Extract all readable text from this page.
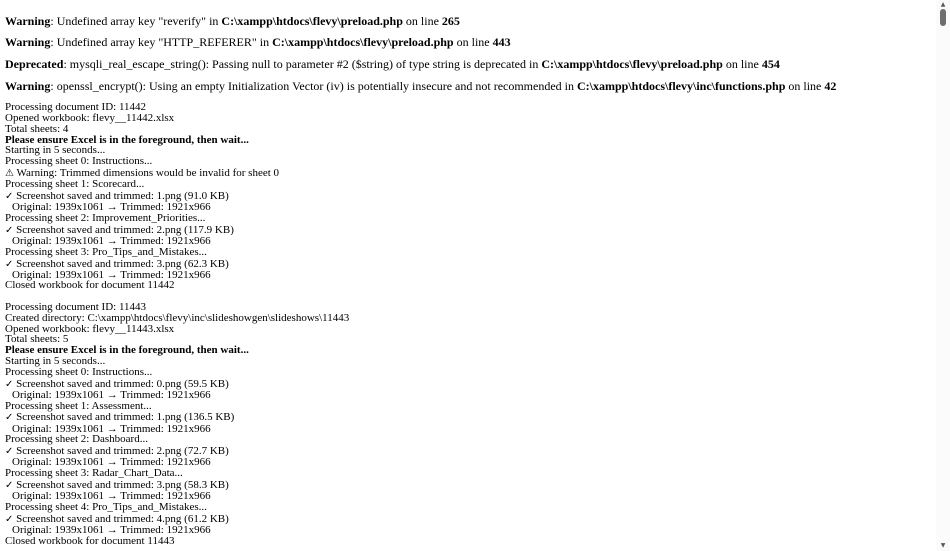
Warning: Undefined array key "reverify" in C:\xampp\htdocs\flevy\preload.php on line 265
Warning: Undefined array key "HTTP_REFERER" in C:\xampp\htdocs\flevy\preload.php on line 443
Deprecated: mysqli_real_escape_string(): Passing null to parameter #2 ($string) of type string is deprecated in C:\xampp\htdocs\flevy\preload.php on line 454
Warning: openssl_encrypt(): Using an empty Initialization Vector (iv) is potentially insecure and not recommended in C:\xampp\htdocs\flevy\inc\functions.php on line 42
Processing document ID: 11442
Opened workbook: flevy__11442.xlsx
Total sheets: 4
Please ensure Excel is in the foreground, then wait...
Starting in 5 seconds...
Processing sheet 0: Instructions...
⚠ Warning: Trimmed dimensions would be invalid for sheet 0
Processing sheet 1: Scorecard...
✓ Screenshot saved and trimmed: 1.png (91.0 KB)
Original: 1939x1061 → Trimmed: 1921x966
Processing sheet 2: Improvement_Priorities...
✓ Screenshot saved and trimmed: 2.png (117.9 KB)
Original: 1939x1061 → Trimmed: 1921x966
Processing sheet 3: Pro_Tips_and_Mistakes...
✓ Screenshot saved and trimmed: 3.png (62.3 KB)
Original: 1939x1061 → Trimmed: 1921x966
Closed workbook for document 11442
Processing document ID: 11443
Created directory: C:\xampp\htdocs\flevy\inc\slideshowgen\slideshows\11443
Opened workbook: flevy__11443.xlsx
Total sheets: 5
Please ensure Excel is in the foreground, then wait...
Starting in 5 seconds...
Processing sheet 0: Instructions...
✓ Screenshot saved and trimmed: 0.png (59.5 KB)
Original: 1939x1061 → Trimmed: 1921x966
Processing sheet 1: Assessment...
✓ Screenshot saved and trimmed: 1.png (136.5 KB)
Original: 1939x1061 → Trimmed: 1921x966
Processing sheet 2: Dashboard...
✓ Screenshot saved and trimmed: 2.png (72.7 KB)
Original: 1939x1061 → Trimmed: 1921x966
Processing sheet 3: Radar_Chart_Data...
✓ Screenshot saved and trimmed: 3.png (58.3 KB)
Original: 1939x1061 → Trimmed: 1921x966
Processing sheet 4: Pro_Tips_and_Mistakes...
✓ Screenshot saved and trimmed: 4.png (61.2 KB)
Original: 1939x1061 → Trimmed: 1921x966
Closed workbook for document 11443
▲
▼
